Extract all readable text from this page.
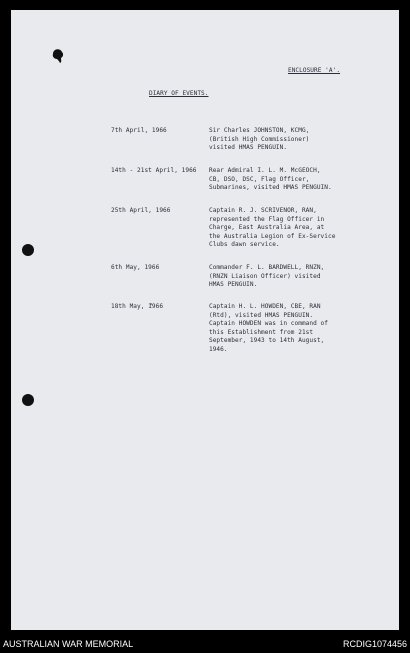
ENCLOSURE 'A'.
DIARY OF EVENTS.
7th April, 1966	Sir Charles JOHNSTON, KCMG,
(British High Commissioner)
visited HMAS PENGUIN.
14th - 21st April, 1966 Rear Admiral I. L. M. McGEOCH,
CB, DSO, DSC, Flag Officer,
Submarines, visited HMAS PENGUIN.
25th April, 1966	Captain R. J. SCRIVENOR, RAN,
represented the Flag Officer in
Charge, East Australia Area, at
the Australia Legion of Ex-Service
Clubs dawn service.
6th May, 1966	Commander F. L. BARDWELL, RNZN,
(RNZN Liaison Officer) visited
HMAS PENGUIN.
18th May, 1966	Captain H. L. HOWDEN, CBE, RAN
(Rtd), visited HMAS PENGUIN.
Captain HOWDEN was in command of
this Establishment from 21st
September, 1943 to 14th August,
1946.
AUSTRALIAN WAR MEMORIAL	RCDIG1074456
